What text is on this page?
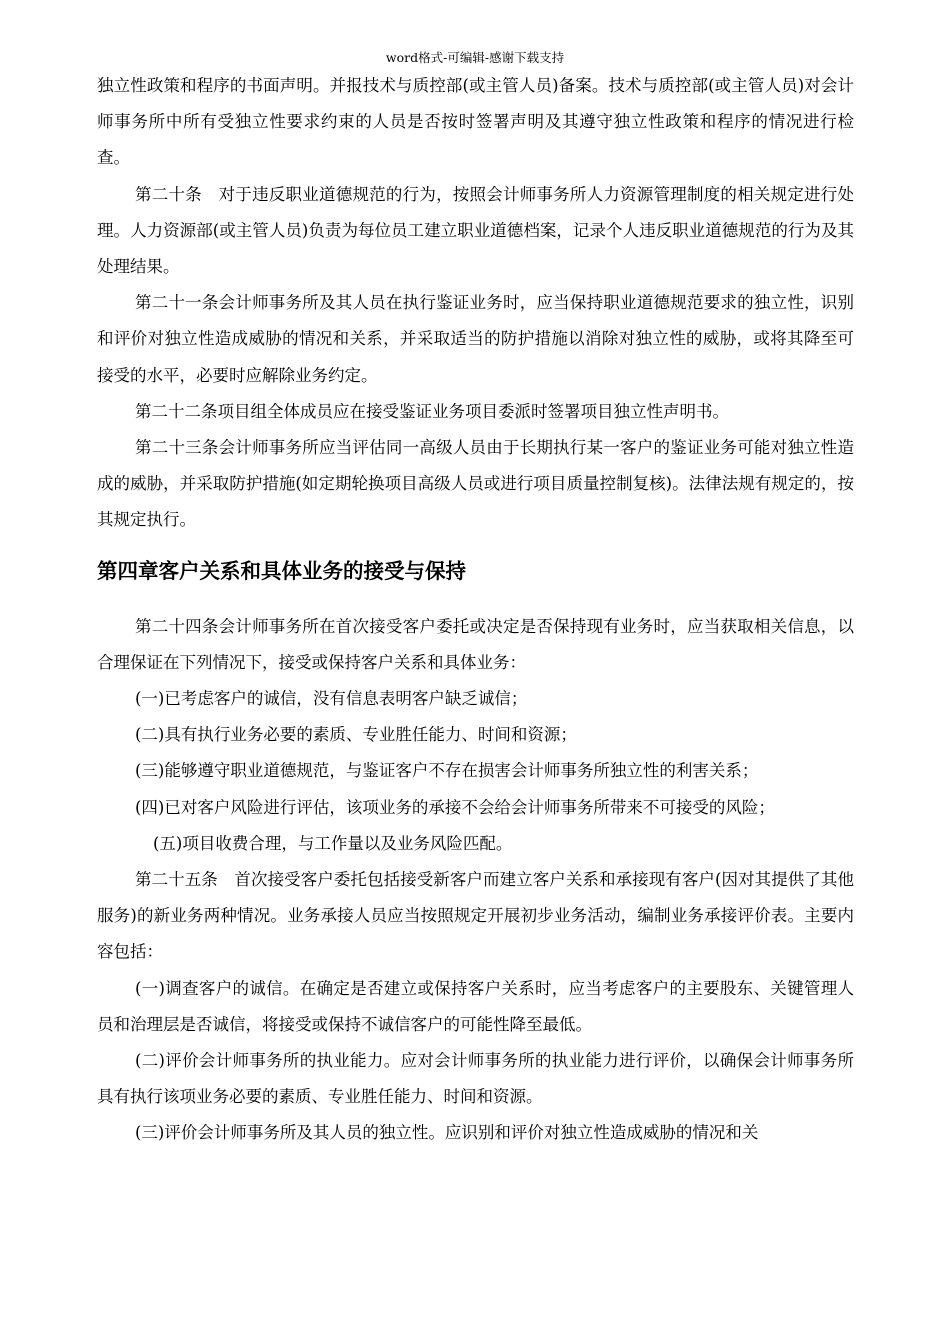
word格式-可编辑-感谢下载支持

独立性政策和程序的书面声明。并报技术与质控部(或主管人员)备案。技术与质控部(或主管人员)对会计师事务所中所有受独立性要求约束的人员是否按时签署声明及其遵守独立性政策和程序的情况进行检查。

第二十条　对于违反职业道德规范的行为，按照会计师事务所人力资源管理制度的相关规定进行处理。人力资源部(或主管人员)负责为每位员工建立职业道德档案，记录个人违反职业道德规范的行为及其处理结果。

第二十一条会计师事务所及其人员在执行鉴证业务时，应当保持职业道德规范要求的独立性，识别和评价对独立性造成威胁的情况和关系，并采取适当的防护措施以消除对独立性的威胁，或将其降至可接受的水平，必要时应解除业务约定。

第二十二条项目组全体成员应在接受鉴证业务项目委派时签署项目独立性声明书。

第二十三条会计师事务所应当评估同一高级人员由于长期执行某一客户的鉴证业务可能对独立性造成的威胁，并采取防护措施(如定期轮换项目高级人员或进行项目质量控制复核)。法律法规有规定的，按其规定执行。

第四章客户关系和具体业务的接受与保持

第二十四条会计师事务所在首次接受客户委托或决定是否保持现有业务时，应当获取相关信息，以合理保证在下列情况下，接受或保持客户关系和具体业务：

(一)已考虑客户的诚信，没有信息表明客户缺乏诚信；

(二)具有执行业务必要的素质、专业胜任能力、时间和资源；

(三)能够遵守职业道德规范，与鉴证客户不存在损害会计师事务所独立性的利害关系；

(四)已对客户风险进行评估，该项业务的承接不会给会计师事务所带来不可接受的风险；

(五)项目收费合理，与工作量以及业务风险匹配。

第二十五条　首次接受客户委托包括接受新客户而建立客户关系和承接现有客户(因对其提供了其他服务)的新业务两种情况。业务承接人员应当按照规定开展初步业务活动，编制业务承接评价表。主要内容包括：

(一)调查客户的诚信。在确定是否建立或保持客户关系时，应当考虑客户的主要股东、关键管理人员和治理层是否诚信，将接受或保持不诚信客户的可能性降至最低。

(二)评价会计师事务所的执业能力。应对会计师事务所的执业能力进行评价，以确保会计师事务所具有执行该项业务必要的素质、专业胜任能力、时间和资源。

(三)评价会计师事务所及其人员的独立性。应识别和评价对独立性造成威胁的情况和关
